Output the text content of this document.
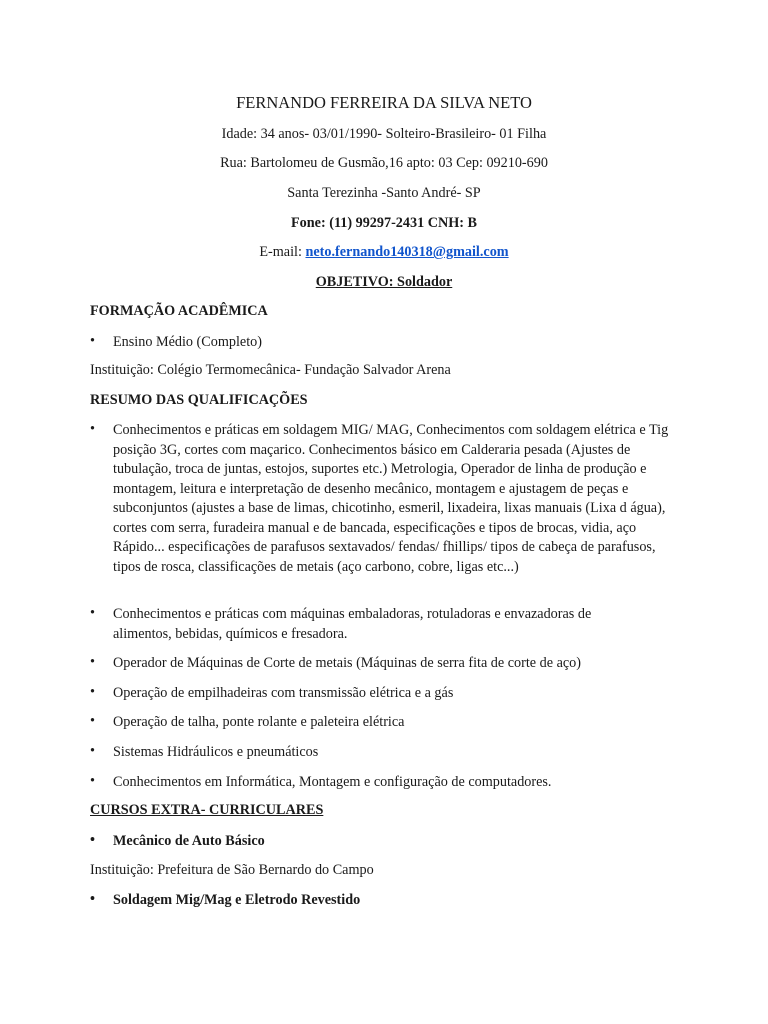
FERNANDO FERREIRA DA SILVA NETO
Idade: 34 anos- 03/01/1990- Solteiro-Brasileiro- 01 Filha
Rua: Bartolomeu de Gusmão,16 apto: 03 Cep: 09210-690
Santa Terezinha -Santo André- SP
Fone: (11) 99297-2431 CNH: B
E-mail: neto.fernando140318@gmail.com
OBJETIVO: Soldador
FORMAÇÃO ACADÊMICA
• Ensino Médio (Completo)
Instituição: Colégio Termomecânica- Fundação Salvador Arena
RESUMO DAS QUALIFICAÇÕES
• Conhecimentos e práticas em soldagem MIG/ MAG, Conhecimentos com soldagem elétrica e Tig posição 3G, cortes com maçarico. Conhecimentos básico em Calderaria pesada (Ajustes de tubulação, troca de juntas, estojos, suportes etc.) Metrologia, Operador de linha de produção e montagem, leitura e interpretação de desenho mecânico, montagem e ajustagem de peças e subconjuntos (ajustes a base de limas, chicotinho, esmeril, lixadeira, lixas manuais (Lixa d água), cortes com serra, furadeira manual e de bancada, especificações e tipos de brocas, vidia, aço Rápido... especificações de parafusos sextavados/ fendas/ fhillips/ tipos de cabeça de parafusos, tipos de rosca, classificações de metais (aço carbono, cobre, ligas etc...)
• Conhecimentos e práticas com máquinas embaladoras, rotuladoras e envazadoras de alimentos, bebidas, químicos e fresadora.
• Operador de Máquinas de Corte de metais (Máquinas de serra fita de corte de aço)
• Operação de empilhadeiras com transmissão elétrica e a gás
• Operação de talha, ponte rolante e paleteira elétrica
• Sistemas Hidráulicos e pneumáticos
• Conhecimentos em Informática, Montagem e configuração de computadores.
CURSOS EXTRA- CURRICULARES
• Mecânico de Auto Básico
Instituição: Prefeitura de São Bernardo do Campo
• Soldagem Mig/Mag e Eletrodo Revestido
